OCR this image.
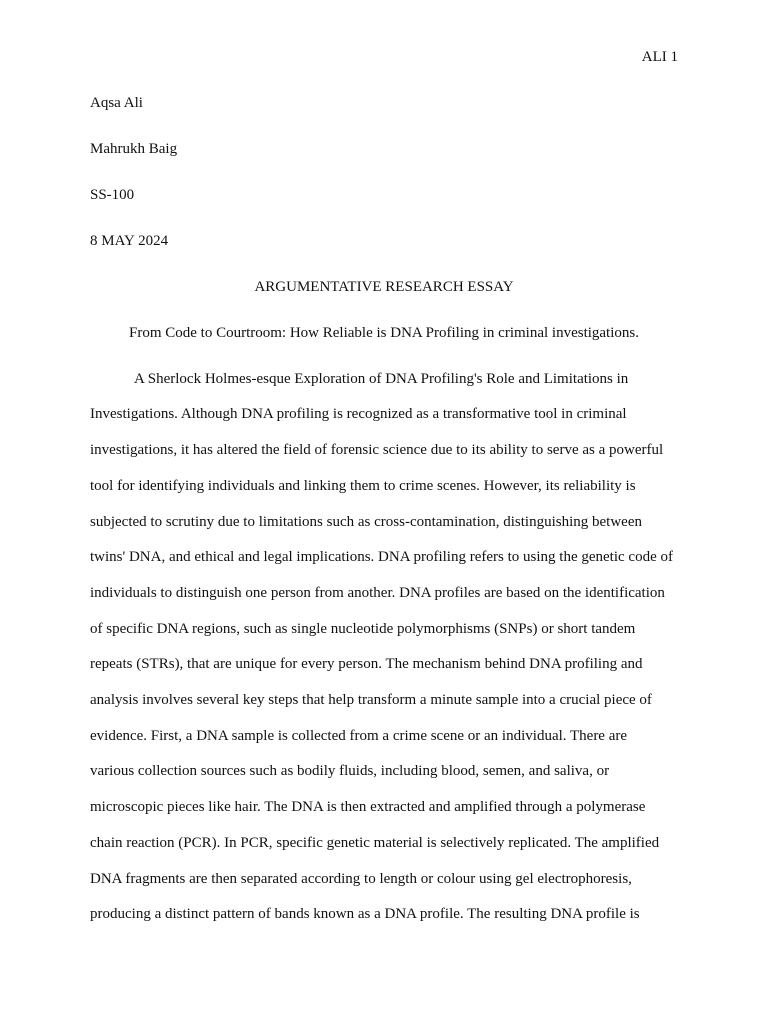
ALI 1
Aqsa Ali
Mahrukh Baig
SS-100
8 MAY 2024
ARGUMENTATIVE RESEARCH ESSAY
From Code to Courtroom: How Reliable is DNA Profiling in criminal investigations.
A Sherlock Holmes-esque Exploration of DNA Profiling's Role and Limitations in
Investigations. Although DNA profiling is recognized as a transformative tool in criminal
investigations, it has altered the field of forensic science due to its ability to serve as a powerful
tool for identifying individuals and linking them to crime scenes. However, its reliability is
subjected to scrutiny due to limitations such as cross-contamination, distinguishing between
twins' DNA, and ethical and legal implications. DNA profiling refers to using the genetic code of
individuals to distinguish one person from another. DNA profiles are based on the identification
of specific DNA regions, such as single nucleotide polymorphisms (SNPs) or short tandem
repeats (STRs), that are unique for every person. The mechanism behind DNA profiling and
analysis involves several key steps that help transform a minute sample into a crucial piece of
evidence. First, a DNA sample is collected from a crime scene or an individual. There are
various collection sources such as bodily fluids, including blood, semen, and saliva, or
microscopic pieces like hair. The DNA is then extracted and amplified through a polymerase
chain reaction (PCR). In PCR, specific genetic material is selectively replicated. The amplified
DNA fragments are then separated according to length or colour using gel electrophoresis,
producing a distinct pattern of bands known as a DNA profile. The resulting DNA profile is
